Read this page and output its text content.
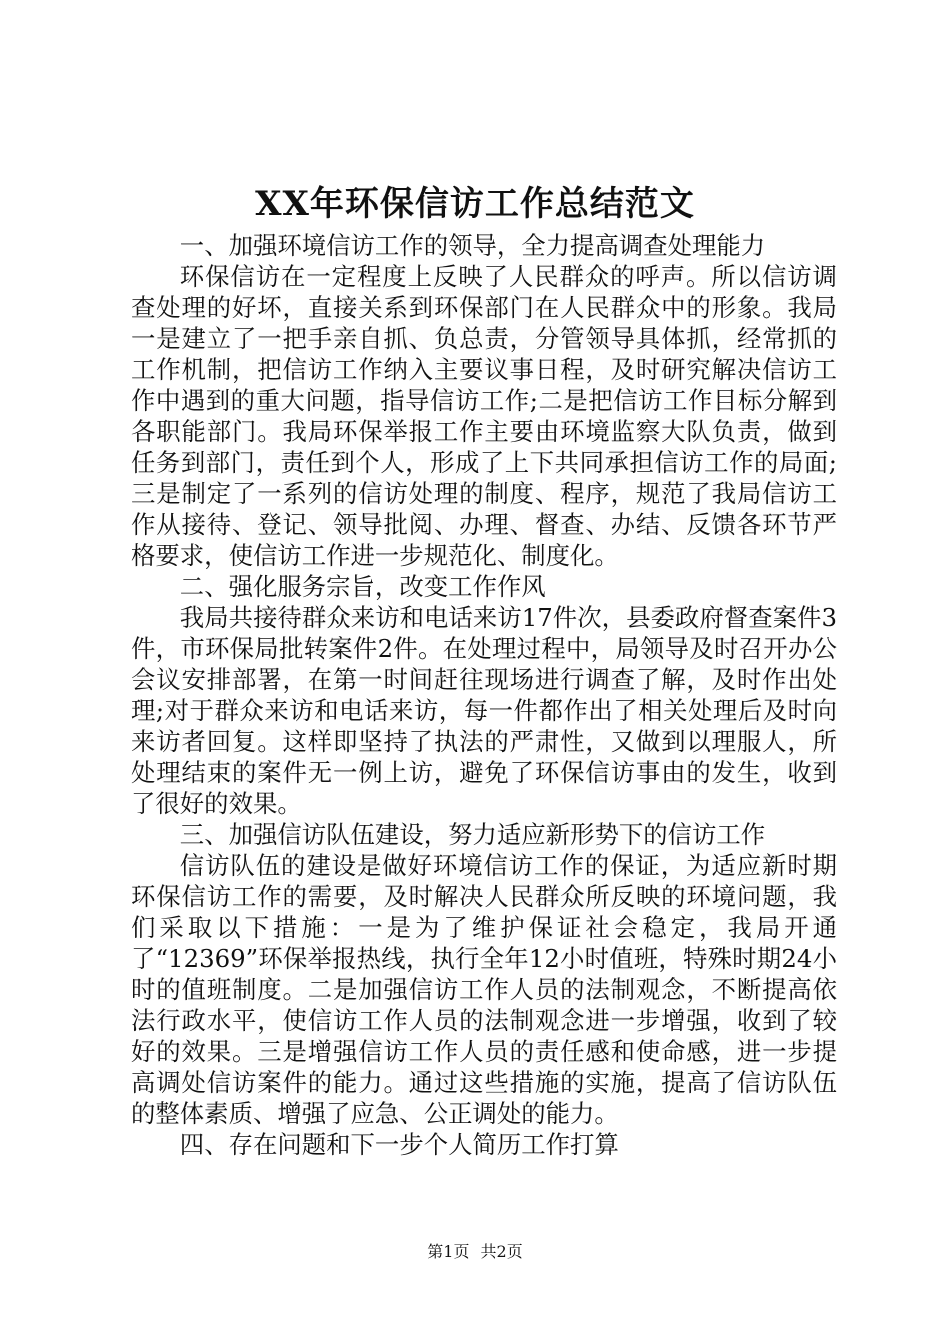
XX年环保信访工作总结范文

一、加强环境信访工作的领导，全力提高调查处理能力

环保信访在一定程度上反映了人民群众的呼声。所以信访调查处理的好坏，直接关系到环保部门在人民群众中的形象。我局一是建立了一把手亲自抓、负总责，分管领导具体抓，经常抓的工作机制，把信访工作纳入主要议事日程，及时研究解决信访工作中遇到的重大问题，指导信访工作;二是把信访工作目标分解到各职能部门。我局环保举报工作主要由环境监察大队负责，做到任务到部门，责任到个人，形成了上下共同承担信访工作的局面;三是制定了一系列的信访处理的制度、程序，规范了我局信访工作从接待、登记、领导批阅、办理、督查、办结、反馈各环节严格要求，使信访工作进一步规范化、制度化。

二、强化服务宗旨，改变工作作风

我局共接待群众来访和电话来访17件次，县委政府督查案件3件，市环保局批转案件2件。在处理过程中，局领导及时召开办公会议安排部署，在第一时间赶往现场进行调查了解，及时作出处理;对于群众来访和电话来访，每一件都作出了相关处理后及时向来访者回复。这样即坚持了执法的严肃性，又做到以理服人，所处理结束的案件无一例上访，避免了环保信访事由的发生，收到了很好的效果。

三、加强信访队伍建设，努力适应新形势下的信访工作

信访队伍的建设是做好环境信访工作的保证，为适应新时期环保信访工作的需要，及时解决人民群众所反映的环境问题，我们采取以下措施：一是为了维护保证社会稳定，我局开通了“12369”环保举报热线，执行全年12小时值班，特殊时期24小时的值班制度。二是加强信访工作人员的法制观念，不断提高依法行政水平，使信访工作人员的法制观念进一步增强，收到了较好的效果。三是增强信访工作人员的责任感和使命感，进一步提高调处信访案件的能力。通过这些措施的实施，提高了信访队伍的整体素质、增强了应急、公正调处的能力。

四、存在问题和下一步个人简历工作打算

第1页 共2页
